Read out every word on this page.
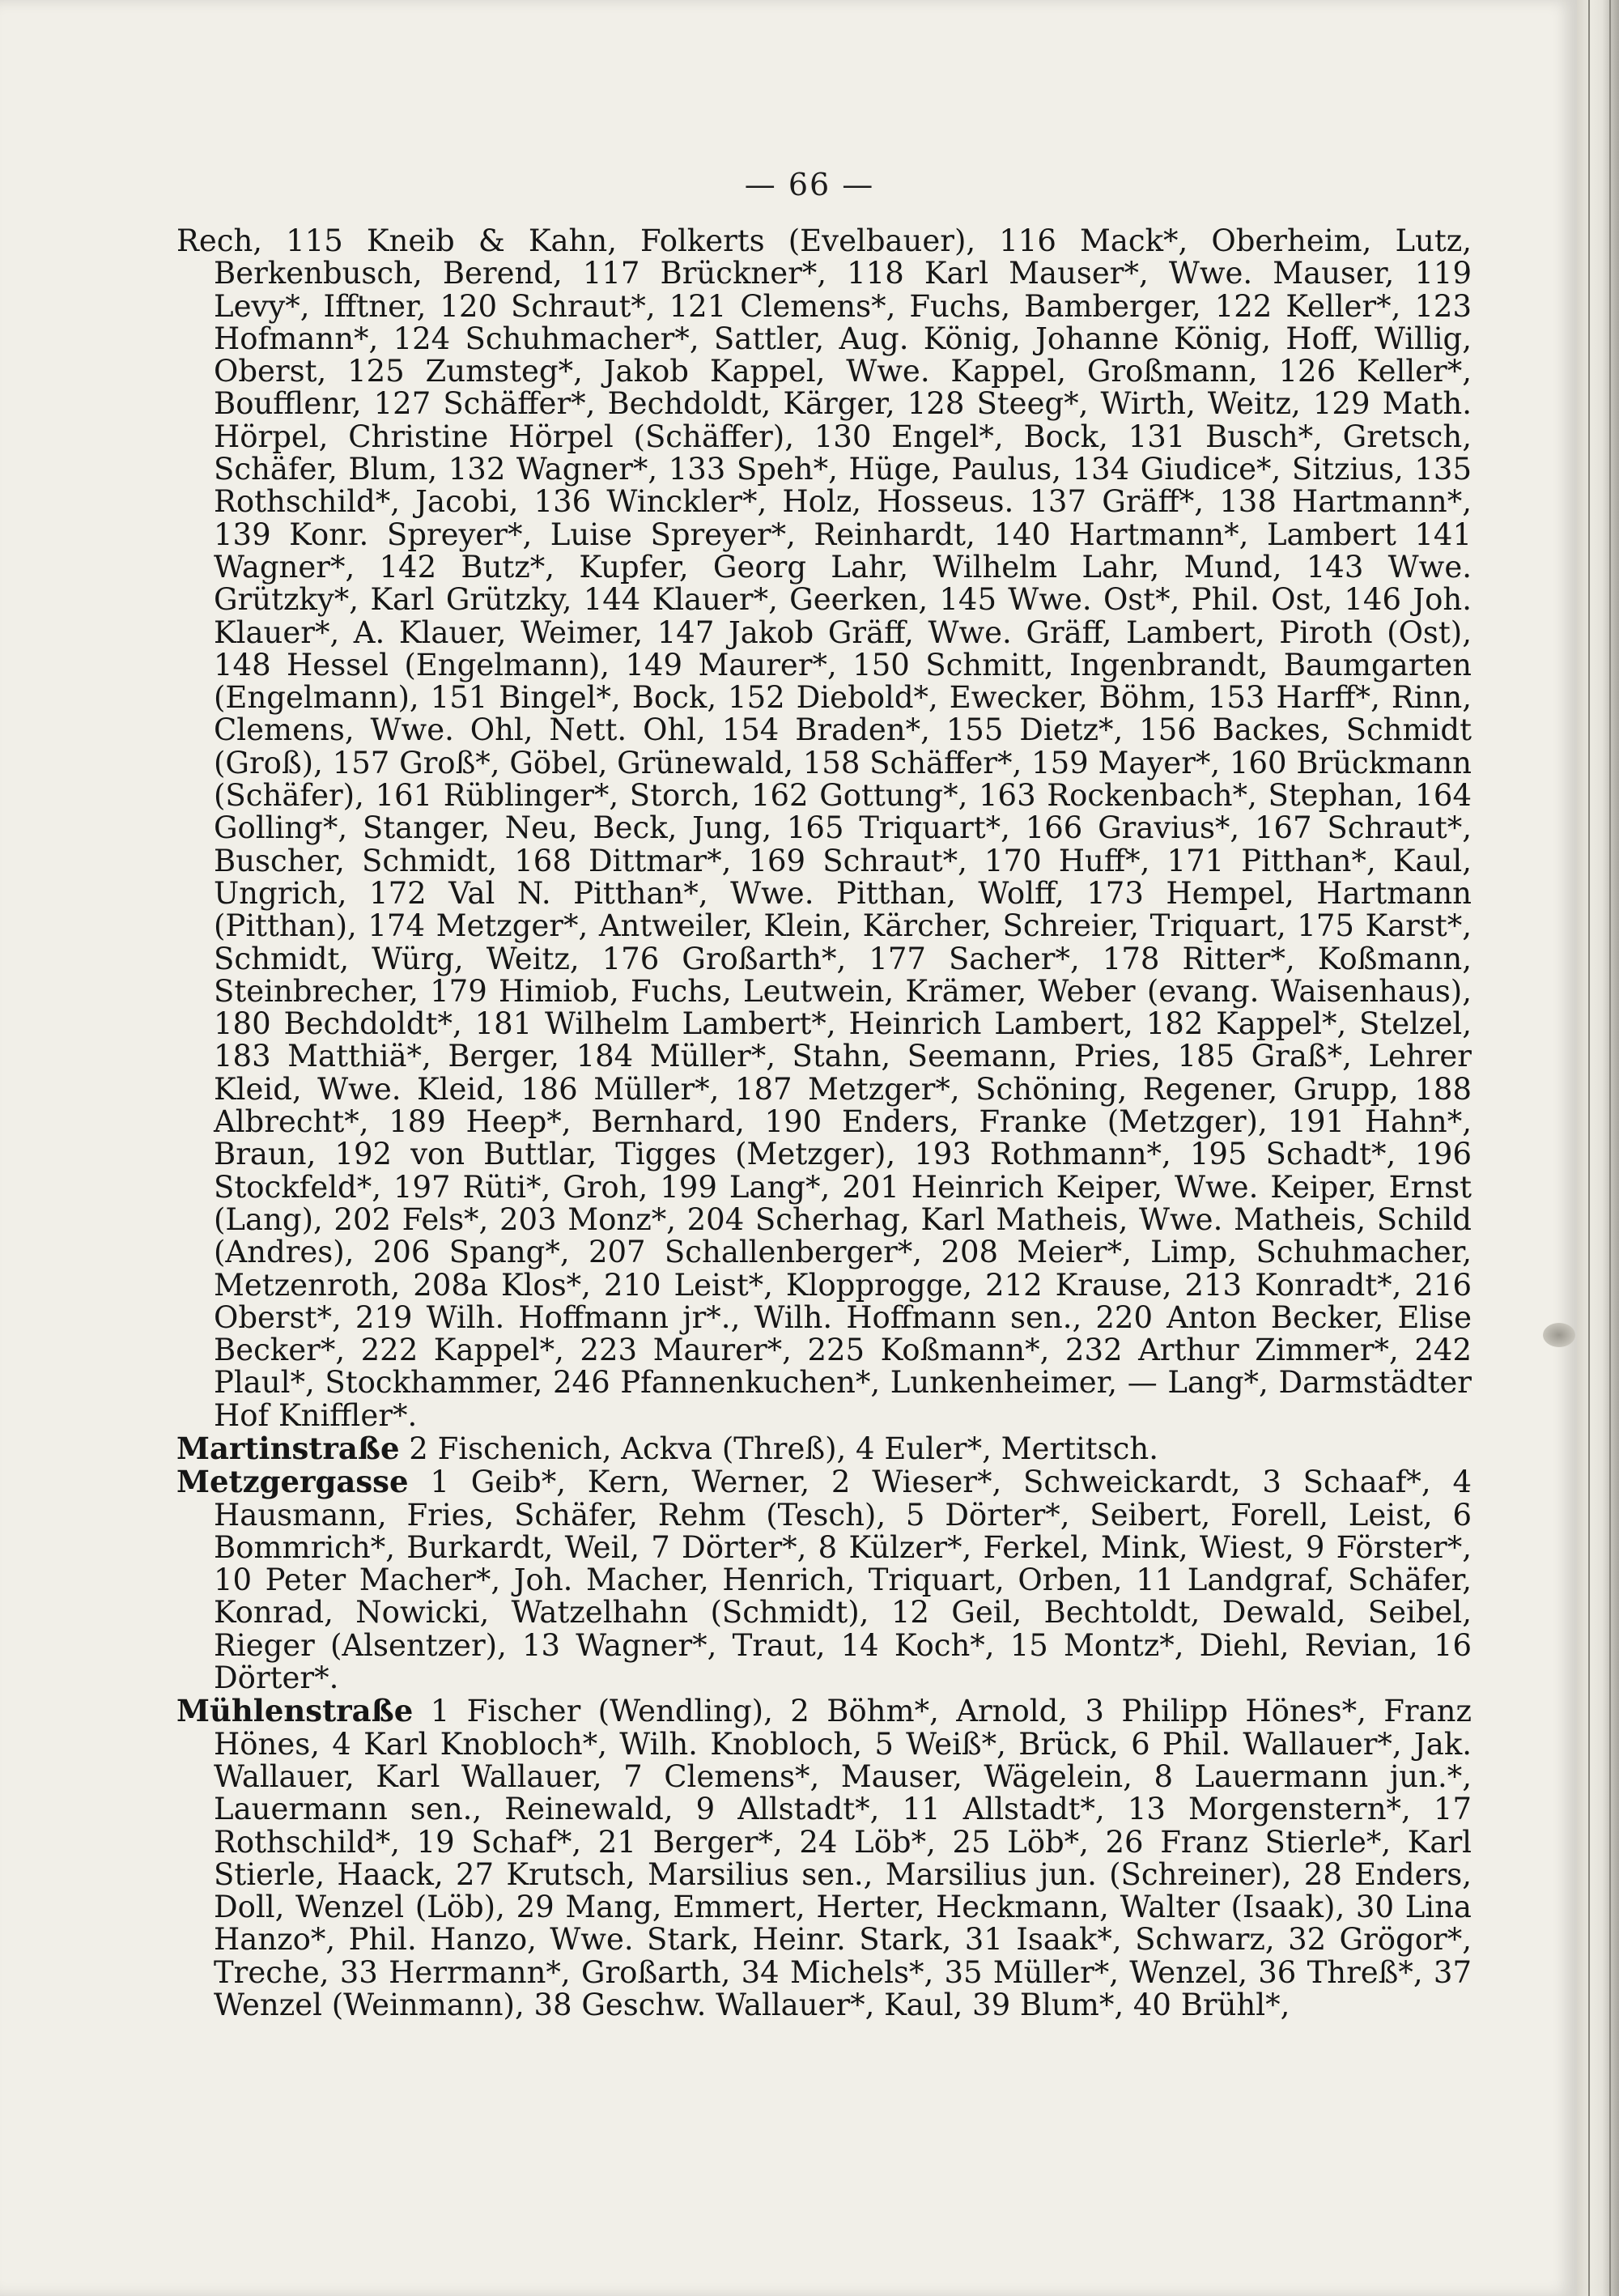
— 66 —

Rech, 115 Kneib & Kahn, Folkerts (Evelbauer), 116 Mack*, Oberheim, Lutz, Berkenbusch, Berend, 117 Brückner*, 118 Karl Mauser*, Wwe. Mauser, 119 Levy*, Ifftner, 120 Schraut*, 121 Clemens*, Fuchs, Bamberger, 122 Keller*, 123 Hofmann*, 124 Schuhmacher*, Sattler, Aug. König, Johanne König, Hoff, Willig, Oberst, 125 Zumsteg*, Jakob Kappel, Wwe. Kappel, Großmann, 126 Keller*, Boufflenr, 127 Schäffer*, Bechdoldt, Kärger, 128 Steeg*, Wirth, Weitz, 129 Math. Hörpel, Christine Hörpel (Schäffer), 130 Engel*, Bock, 131 Busch*, Gretsch, Schäfer, Blum, 132 Wagner*, 133 Speh*, Hüge, Paulus, 134 Giudice*, Sitzius, 135 Rothschild*, Jacobi, 136 Winckler*, Holz, Hosseus. 137 Gräff*, 138 Hartmann*, 139 Konr. Spreyer*, Luise Spreyer*, Reinhardt, 140 Hartmann*, Lambert 141 Wagner*, 142 Butz*, Kupfer, Georg Lahr, Wilhelm Lahr, Mund, 143 Wwe. Grützky*, Karl Grützky, 144 Klauer*, Geerken, 145 Wwe. Ost*, Phil. Ost, 146 Joh. Klauer*, A. Klauer, Weimer, 147 Jakob Gräff, Wwe. Gräff, Lambert, Piroth (Ost), 148 Hessel (Engelmann), 149 Maurer*, 150 Schmitt, Ingenbrandt, Baumgarten (Engelmann), 151 Bingel*, Bock, 152 Diebold*, Ewecker, Böhm, 153 Harff*, Rinn, Clemens, Wwe. Ohl, Nett. Ohl, 154 Braden*, 155 Dietz*, 156 Backes, Schmidt (Groß), 157 Groß*, Göbel, Grünewald, 158 Schäffer*, 159 Mayer*, 160 Brückmann (Schäfer), 161 Rüblinger*, Storch, 162 Gottung*, 163 Rockenbach*, Stephan, 164 Golling*, Stanger, Neu, Beck, Jung, 165 Triquart*, 166 Gravius*, 167 Schraut*, Buscher, Schmidt, 168 Dittmar*, 169 Schraut*, 170 Huff*, 171 Pitthan*, Kaul, Ungrich, 172 Val N. Pitthan*, Wwe. Pitthan, Wolff, 173 Hempel, Hartmann (Pitthan), 174 Metzger*, Antweiler, Klein, Kärcher, Schreier, Triquart, 175 Karst*, Schmidt, Würg, Weitz, 176 Großarth*, 177 Sacher*, 178 Ritter*, Koßmann, Steinbrecher, 179 Himiob, Fuchs, Leutwein, Krämer, Weber (evang. Waisenhaus), 180 Bechdoldt*, 181 Wilhelm Lambert*, Heinrich Lambert, 182 Kappel*, Stelzel, 183 Matthiä*, Berger, 184 Müller*, Stahn, Seemann, Pries, 185 Graß*, Lehrer Kleid, Wwe. Kleid, 186 Müller*, 187 Metzger*, Schöning, Regener, Grupp, 188 Albrecht*, 189 Heep*, Bernhard, 190 Enders, Franke (Metzger), 191 Hahn*, Braun, 192 von Buttlar, Tigges (Metzger), 193 Rothmann*, 195 Schadt*, 196 Stockfeld*, 197 Rüti*, Groh, 199 Lang*, 201 Heinrich Keiper, Wwe. Keiper, Ernst (Lang), 202 Fels*, 203 Monz*, 204 Scherhag, Karl Matheis, Wwe. Matheis, Schild (Andres), 206 Spang*, 207 Schallenberger*, 208 Meier*, Limp, Schuhmacher, Metzenroth, 208a Klos*, 210 Leist*, Klopprogge, 212 Krause, 213 Konradt*, 216 Oberst*, 219 Wilh. Hoffmann jr*., Wilh. Hoffmann sen., 220 Anton Becker, Elise Becker*, 222 Kappel*, 223 Maurer*, 225 Koßmann*, 232 Arthur Zimmer*, 242 Plaul*, Stockhammer, 246 Pfannenkuchen*, Lunkenheimer, — Lang*, Darmstädter Hof Kniffler*.

Martinstraße 2 Fischenich, Ackva (Threß), 4 Euler*, Mertitsch.

Metzgergasse 1 Geib*, Kern, Werner, 2 Wieser*, Schweickardt, 3 Schaaf*, 4 Hausmann, Fries, Schäfer, Rehm (Tesch), 5 Dörter*, Seibert, Forell, Leist, 6 Bommrich*, Burkardt, Weil, 7 Dörter*, 8 Külzer*, Ferkel, Mink, Wiest, 9 Förster*, 10 Peter Macher*, Joh. Macher, Henrich, Triquart, Orben, 11 Landgraf, Schäfer, Konrad, Nowicki, Watzelhahn (Schmidt), 12 Geil, Bechtoldt, Dewald, Seibel, Rieger (Alsentzer), 13 Wagner*, Traut, 14 Koch*, 15 Montz*, Diehl, Revian, 16 Dörter*.

Mühlenstraße 1 Fischer (Wendling), 2 Böhm*, Arnold, 3 Philipp Hönes*, Franz Hönes, 4 Karl Knobloch*, Wilh. Knobloch, 5 Weiß*, Brück, 6 Phil. Wallauer*, Jak. Wallauer, Karl Wallauer, 7 Clemens*, Mauser, Wägelein, 8 Lauermann jun.*, Lauermann sen., Reinewald, 9 Allstadt*, 11 Allstadt*, 13 Morgenstern*, 17 Rothschild*, 19 Schaf*, 21 Berger*, 24 Löb*, 25 Löb*, 26 Franz Stierle*, Karl Stierle, Haack, 27 Krutsch, Marsilius sen., Marsilius jun. (Schreiner), 28 Enders, Doll, Wenzel (Löb), 29 Mang, Emmert, Herter, Heckmann, Walter (Isaak), 30 Lina Hanzo*, Phil. Hanzo, Wwe. Stark, Heinr. Stark, 31 Isaak*, Schwarz, 32 Grögor*, Treche, 33 Herrmann*, Großarth, 34 Michels*, 35 Müller*, Wenzel, 36 Threß*, 37 Wenzel (Weinmann), 38 Geschw. Wallauer*, Kaul, 39 Blum*, 40 Brühl*,
